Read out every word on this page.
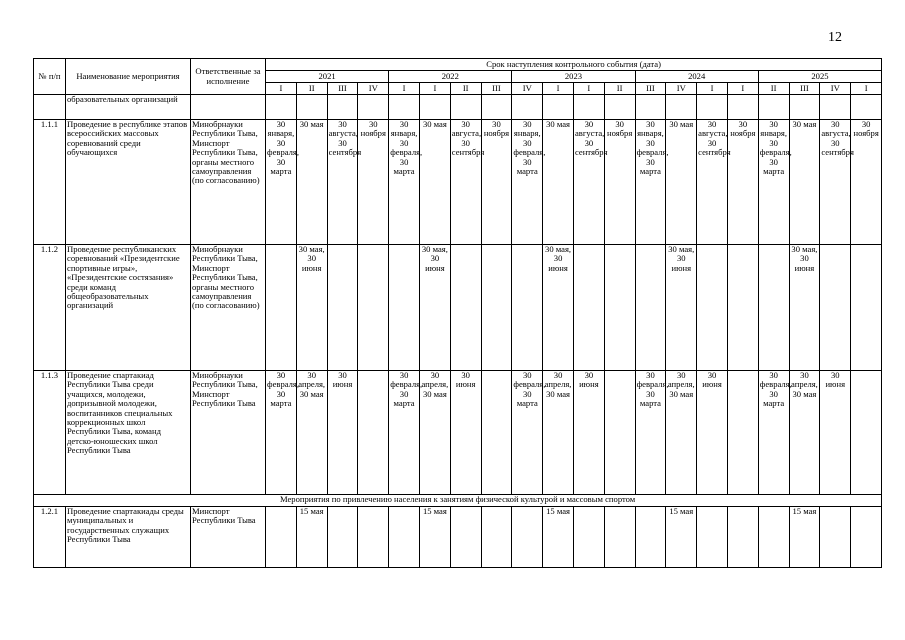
12
№ п/п	Наименование мероприятия	Ответственные за исполнение	Срок наступления контрольного события (дата)																			
			2021				2022				2023				2024				2025			
			I	II	III	IV	I	I	II	III	IV	I	I	II	III	IV	I	I	II	III	IV	I
	образовательных организаций																					
1.1.1	Проведение в республике этапов всероссийских массовых соревнований среди обучающихся	Минобрнауки Республики Тыва, Минспорт Республики Тыва, органы местного самоуправления (по согласованию)	30 января, 30 февраля, 30 марта	30 мая	30 августа, 30 сентября	30 ноября	30 января, 30 февраля, 30 марта	30 мая	30 августа, 30 сентября	30 ноября	30 января, 30 февраля, 30 марта	30 мая	30 августа, 30 сентября	30 ноября	30 января, 30 февраля, 30 марта	30 мая	30 августа, 30 сентября	30 ноября	30 января, 30 февраля, 30 марта	30 мая	30 августа, 30 сентября	30 ноября
1.1.2	Проведение республиканских соревнований «Президентские спортивные игры», «Президентские состязания» среди команд общеобразовательных организаций	Минобрнауки Республики Тыва, Минспорт Республики Тыва, органы местного самоуправления (по согласованию)		30 мая, 30 июня				30 мая, 30 июня				30 мая, 30 июня				30 мая, 30 июня				30 мая, 30 июня		
1.1.3	Проведение спартакиад Республики Тыва среди учащихся, молодежи, допризывной молодежи, воспитанников специальных коррекционных школ Республики Тыва, команд детско-юношеских школ Республики Тыва	Минобрнауки Республики Тыва, Минспорт Республики Тыва	30 февраля, 30 марта	30 апреля, 30 мая	30 июня		30 февраля, 30 марта	30 апреля, 30 мая	30 июня		30 февраля, 30 марта	30 апреля, 30 мая	30 июня		30 февраля, 30 марта	30 апреля, 30 мая	30 июня		30 февраля, 30 марта	30 апреля, 30 мая	30 июня	
Мероприятия по привлечению населения к занятиям физической культурой и массовым спортом																						
1.2.1	Проведение спартакиады среды муниципальных и государственных служащих Республики Тыва	Минспорт Республики Тыва		15 мая				15 мая				15 мая				15 мая				15 мая		
